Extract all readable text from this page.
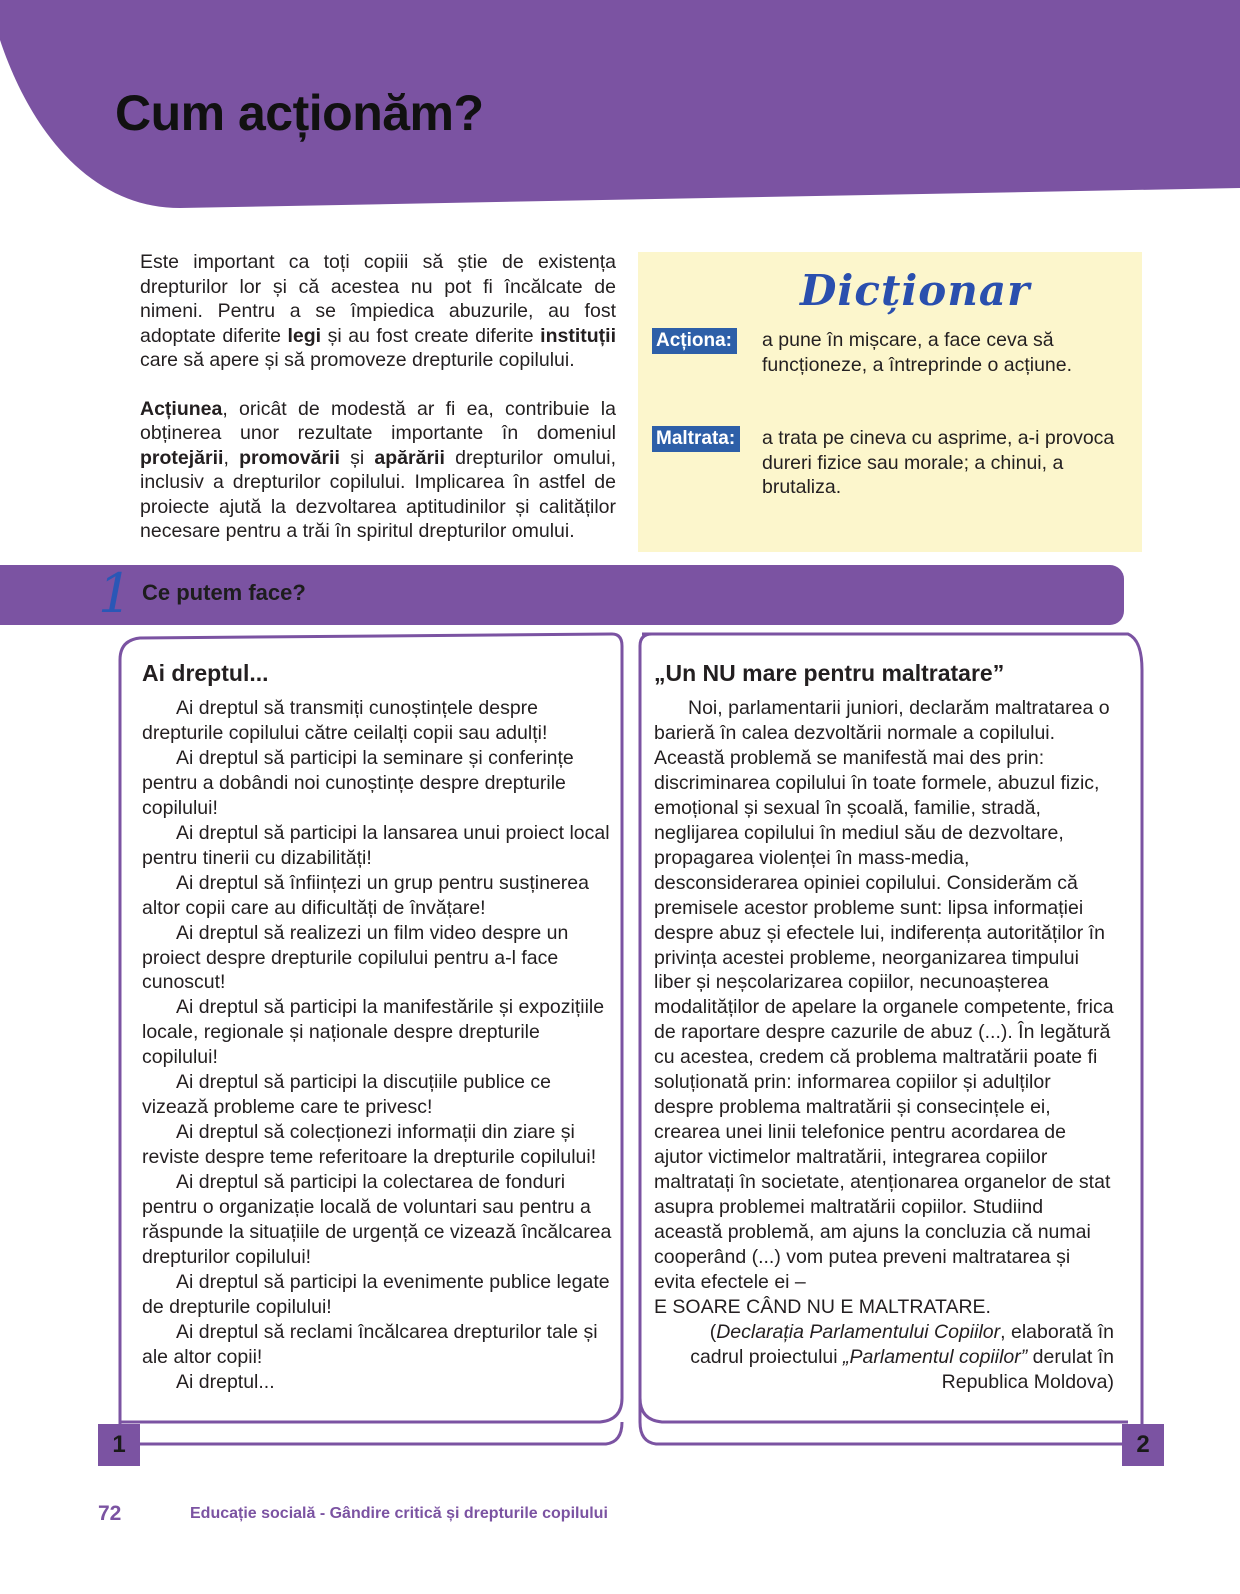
Cum acționăm?

Este important ca toți copiii să știe de existența drepturilor lor și că acestea nu pot fi încălcate de nimeni. Pentru a se împiedica abuzurile, au fost adoptate diferite legi și au fost create diferite instituții care să apere și să promoveze drepturile copilului.

Acțiunea, oricât de modestă ar fi ea, contribuie la obținerea unor rezultate importante în domeniul protejării, promovării și apărării drepturilor omului, inclusiv a drepturilor copilului. Implicarea în astfel de proiecte ajută la dezvoltarea aptitudinilor și calităților necesare pentru a trăi în spiritul drepturilor omului.

Dicționar
Acționa: a pune în mișcare, a face ceva să funcționeze, a întreprinde o acțiune.
Maltrata: a trata pe cineva cu asprime, a-i provoca dureri fizice sau morale; a chinui, a brutaliza.
1 Ce putem face?
Ai dreptul...

Ai dreptul să transmiți cunoștințele despre drepturile copilului către ceilalți copii sau adulți!

Ai dreptul să participi la seminare și conferințe pentru a dobândi noi cunoștințe despre drepturile copilului!

Ai dreptul să participi la lansarea unui proiect local pentru tinerii cu dizabilități!

Ai dreptul să înființezi un grup pentru susținerea altor copii care au dificultăți de învățare!

Ai dreptul să realizezi un film video despre un proiect despre drepturile copilului pentru a-l face cunoscut!

Ai dreptul să participi la manifestările și expozițiile locale, regionale și naționale despre drepturile copilului!

Ai dreptul să participi la discuțiile publice ce vizează probleme care te privesc!

Ai dreptul să colecționezi informații din ziare și reviste despre teme referitoare la drepturile copilului!

Ai dreptul să participi la colectarea de fonduri pentru o organizație locală de voluntari sau pentru a răspunde la situațiile de urgență ce vizează încălcarea drepturilor copilului!

Ai dreptul să participi la evenimente publice legate de drepturile copilului!

Ai dreptul să reclami încălcarea drepturilor tale și ale altor copii!

Ai dreptul...

„Un NU mare pentru maltratare”

Noi, parlamentarii juniori, declarăm maltratarea o barieră în calea dezvoltării normale a copilului. Această problemă se manifestă mai des prin: discriminarea copilului în toate formele, abuzul fizic, emoțional și sexual în școală, familie, stradă, neglijarea copilului în mediul său de dezvoltare, propagarea violenței în mass-media, desconsiderarea opiniei copilului. Considerăm că premisele acestor probleme sunt: lipsa informației despre abuz și efectele lui, indiferența autorităților în privința acestei probleme, neorganizarea timpului liber și neșcolarizarea copiilor, necunoașterea modalităților de apelare la organele competente, frica de raportare despre cazurile de abuz (...). În legătură cu acestea, credem că problema maltratării poate fi soluționată prin: informarea copiilor și adulților despre problema maltratării și consecințele ei, crearea unei linii telefonice pentru acordarea de ajutor victimelor maltratării, integrarea copiilor maltratați în societate, atenționarea organelor de stat asupra problemei maltratării copiilor. Studiind această problemă, am ajuns la concluzia că numai cooperând (...) vom putea preveni maltratarea și evita efectele ei –

E SOARE CÂND NU E MALTRATARE.

(Declarația Parlamentului Copiilor, elaborată în cadrul proiectului „Parlamentul copiilor” derulat în Republica Moldova)

1	2
72	Educație socială - Gândire critică și drepturile copilului
